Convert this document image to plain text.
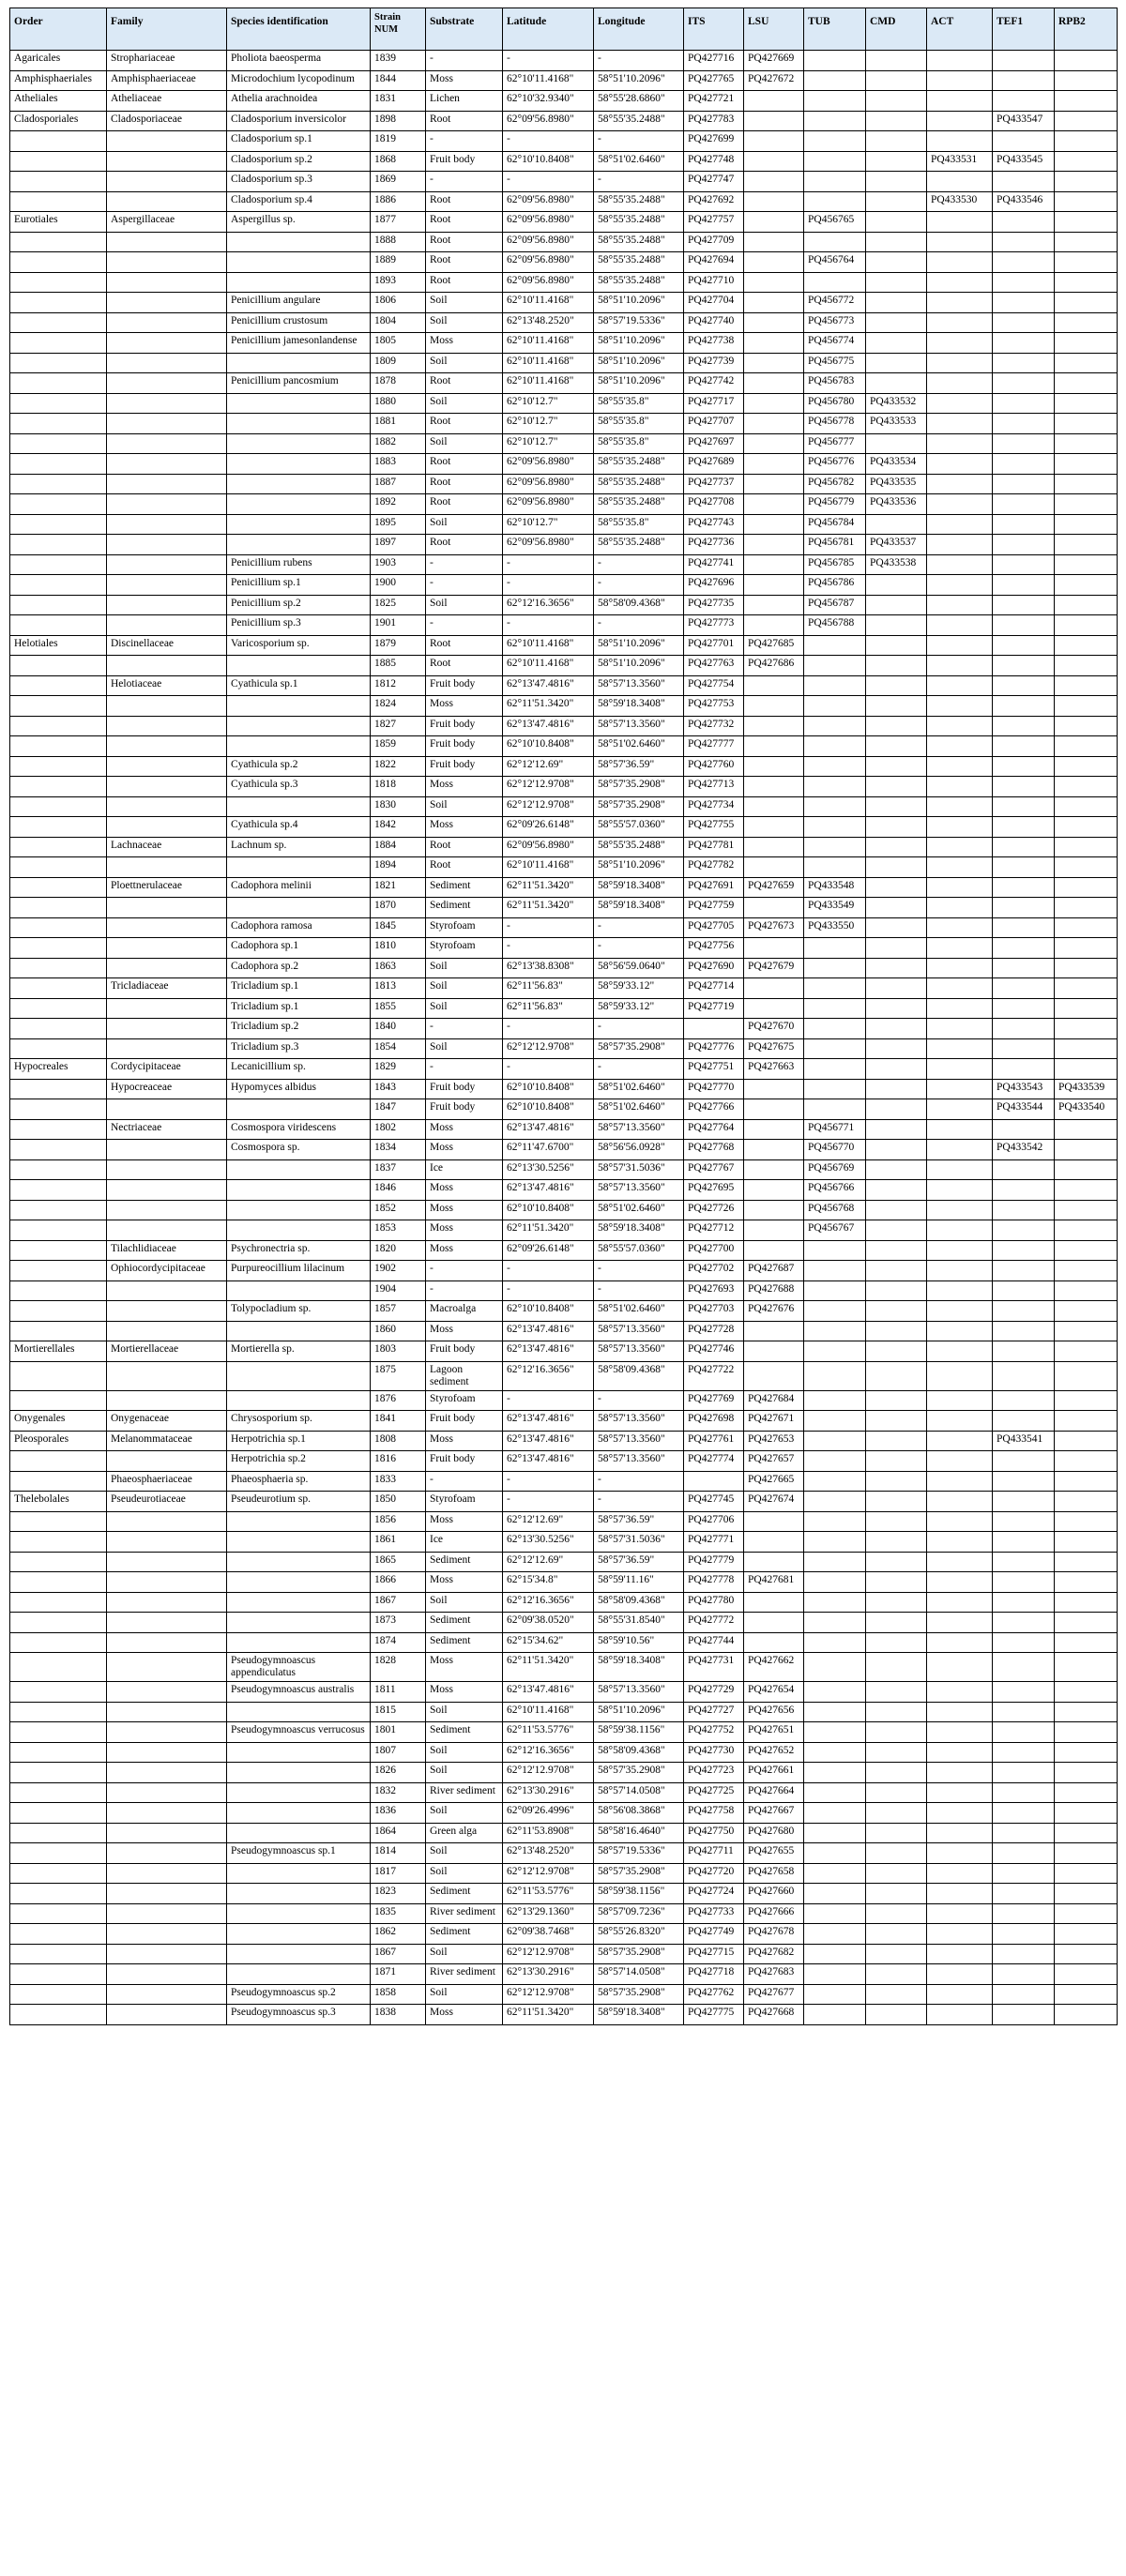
Order	Family	Species identification	Strain NUM	Substrate	Latitude	Longitude	ITS	LSU	TUB	CMD	ACT	TEF1	RPB2
Agaricales	Strophariaceae	Pholiota baeosperma	1839	-	-	-	PQ427716	PQ427669					
Amphisphaeriales	Amphisphaeriaceae	Microdochium lycopodinum	1844	Moss	62°10'11.4168"	58°51'10.2096"	PQ427765	PQ427672					
Atheliales	Atheliaceae	Athelia arachnoidea	1831	Lichen	62°10'32.9340"	58°55'28.6860"	PQ427721						
Cladosporiales	Cladosporiaceae	Cladosporium inversicolor	1898	Root	62°09'56.8980"	58°55'35.2488"	PQ427783					PQ433547	
		Cladosporium sp.1	1819	-	-	-	PQ427699						
		Cladosporium sp.2	1868	Fruit body	62°10'10.8408"	58°51'02.6460"	PQ427748				PQ433531	PQ433545	
		Cladosporium sp.3	1869	-	-	-	PQ427747						
		Cladosporium sp.4	1886	Root	62°09'56.8980"	58°55'35.2488"	PQ427692				PQ433530	PQ433546	
Eurotiales	Aspergillaceae	Aspergillus sp.	1877	Root	62°09'56.8980"	58°55'35.2488"	PQ427757		PQ456765				
			1888	Root	62°09'56.8980"	58°55'35.2488"	PQ427709						
			1889	Root	62°09'56.8980"	58°55'35.2488"	PQ427694		PQ456764				
			1893	Root	62°09'56.8980"	58°55'35.2488"	PQ427710						
		Penicillium angulare	1806	Soil	62°10'11.4168"	58°51'10.2096"	PQ427704		PQ456772				
		Penicillium crustosum	1804	Soil	62°13'48.2520"	58°57'19.5336"	PQ427740		PQ456773				
		Penicillium jamesonlandense	1805	Moss	62°10'11.4168"	58°51'10.2096"	PQ427738		PQ456774				
			1809	Soil	62°10'11.4168"	58°51'10.2096"	PQ427739		PQ456775				
		Penicillium pancosmium	1878	Root	62°10'11.4168"	58°51'10.2096"	PQ427742		PQ456783				
			1880	Soil	62°10'12.7"	58°55'35.8"	PQ427717		PQ456780	PQ433532			
			1881	Root	62°10'12.7"	58°55'35.8"	PQ427707		PQ456778	PQ433533			
			1882	Soil	62°10'12.7"	58°55'35.8"	PQ427697		PQ456777				
			1883	Root	62°09'56.8980"	58°55'35.2488"	PQ427689		PQ456776	PQ433534			
			1887	Root	62°09'56.8980"	58°55'35.2488"	PQ427737		PQ456782	PQ433535			
			1892	Root	62°09'56.8980"	58°55'35.2488"	PQ427708		PQ456779	PQ433536			
			1895	Soil	62°10'12.7"	58°55'35.8"	PQ427743		PQ456784				
			1897	Root	62°09'56.8980"	58°55'35.2488"	PQ427736		PQ456781	PQ433537			
		Penicillium rubens	1903	-	-	-	PQ427741		PQ456785	PQ433538			
		Penicillium sp.1	1900	-	-	-	PQ427696		PQ456786				
		Penicillium sp.2	1825	Soil	62°12'16.3656"	58°58'09.4368"	PQ427735		PQ456787				
		Penicillium sp.3	1901	-	-	-	PQ427773		PQ456788				
Helotiales	Discinellaceae	Varicosporium sp.	1879	Root	62°10'11.4168"	58°51'10.2096"	PQ427701	PQ427685					
			1885	Root	62°10'11.4168"	58°51'10.2096"	PQ427763	PQ427686					
	Helotiaceae	Cyathicula sp.1	1812	Fruit body	62°13'47.4816"	58°57'13.3560"	PQ427754						
			1824	Moss	62°11'51.3420"	58°59'18.3408"	PQ427753						
			1827	Fruit body	62°13'47.4816"	58°57'13.3560"	PQ427732						
			1859	Fruit body	62°10'10.8408"	58°51'02.6460"	PQ427777						
		Cyathicula sp.2	1822	Fruit body	62°12'12.69"	58°57'36.59"	PQ427760						
		Cyathicula sp.3	1818	Moss	62°12'12.9708"	58°57'35.2908"	PQ427713						
			1830	Soil	62°12'12.9708"	58°57'35.2908"	PQ427734						
		Cyathicula sp.4	1842	Moss	62°09'26.6148"	58°55'57.0360"	PQ427755						
	Lachnaceae	Lachnum sp.	1884	Root	62°09'56.8980"	58°55'35.2488"	PQ427781						
			1894	Root	62°10'11.4168"	58°51'10.2096"	PQ427782						
	Ploettnerulaceae	Cadophora melinii	1821	Sediment	62°11'51.3420"	58°59'18.3408"	PQ427691	PQ427659	PQ433548				
			1870	Sediment	62°11'51.3420"	58°59'18.3408"	PQ427759		PQ433549				
		Cadophora ramosa	1845	Styrofoam	-	-	PQ427705	PQ427673	PQ433550				
		Cadophora sp.1	1810	Styrofoam	-	-	PQ427756						
		Cadophora sp.2	1863	Soil	62°13'38.8308"	58°56'59.0640"	PQ427690	PQ427679					
	Tricladiaceae	Tricladium sp.1	1813	Soil	62°11'56.83"	58°59'33.12"	PQ427714						
		Tricladium sp.1	1855	Soil	62°11'56.83"	58°59'33.12"	PQ427719						
		Tricladium sp.2	1840	-	-	-		PQ427670					
		Tricladium sp.3	1854	Soil	62°12'12.9708"	58°57'35.2908"	PQ427776	PQ427675					
Hypocreales	Cordycipitaceae	Lecanicillium sp.	1829	-	-	-	PQ427751	PQ427663					
	Hypocreaceae	Hypomyces albidus	1843	Fruit body	62°10'10.8408"	58°51'02.6460"	PQ427770					PQ433543	PQ433539
			1847	Fruit body	62°10'10.8408"	58°51'02.6460"	PQ427766					PQ433544	PQ433540
	Nectriaceae	Cosmospora viridescens	1802	Moss	62°13'47.4816"	58°57'13.3560"	PQ427764		PQ456771				
		Cosmospora sp.	1834	Moss	62°11'47.6700"	58°56'56.0928"	PQ427768		PQ456770			PQ433542	
			1837	Ice	62°13'30.5256"	58°57'31.5036"	PQ427767		PQ456769				
			1846	Moss	62°13'47.4816"	58°57'13.3560"	PQ427695		PQ456766				
			1852	Moss	62°10'10.8408"	58°51'02.6460"	PQ427726		PQ456768				
			1853	Moss	62°11'51.3420"	58°59'18.3408"	PQ427712		PQ456767				
	Tilachlidiaceae	Psychronectria sp.	1820	Moss	62°09'26.6148"	58°55'57.0360"	PQ427700						
	Ophiocordycipitaceae	Purpureocillium lilacinum	1902	-	-	-	PQ427702	PQ427687					
			1904	-	-	-	PQ427693	PQ427688					
		Tolypocladium sp.	1857	Macroalga	62°10'10.8408"	58°51'02.6460"	PQ427703	PQ427676					
			1860	Moss	62°13'47.4816"	58°57'13.3560"	PQ427728						
Mortierellales	Mortierellaceae	Mortierella sp.	1803	Fruit body	62°13'47.4816"	58°57'13.3560"	PQ427746						
			1875	Lagoon sediment	62°12'16.3656"	58°58'09.4368"	PQ427722						
			1876	Styrofoam	-	-	PQ427769	PQ427684					
Onygenales	Onygenaceae	Chrysosporium sp.	1841	Fruit body	62°13'47.4816"	58°57'13.3560"	PQ427698	PQ427671					
Pleosporales	Melanommataceae	Herpotrichia sp.1	1808	Moss	62°13'47.4816"	58°57'13.3560"	PQ427761	PQ427653				PQ433541	
		Herpotrichia sp.2	1816	Fruit body	62°13'47.4816"	58°57'13.3560"	PQ427774	PQ427657					
	Phaeosphaeriaceae	Phaeosphaeria sp.	1833	-	-	-		PQ427665					
Thelebolales	Pseudeurotiaceae	Pseudeurotium sp.	1850	Styrofoam	-	-	PQ427745	PQ427674					
			1856	Moss	62°12'12.69"	58°57'36.59"	PQ427706						
			1861	Ice	62°13'30.5256"	58°57'31.5036"	PQ427771						
			1865	Sediment	62°12'12.69"	58°57'36.59"	PQ427779						
			1866	Moss	62°15'34.8"	58°59'11.16"	PQ427778	PQ427681					
			1867	Soil	62°12'16.3656"	58°58'09.4368"	PQ427780						
			1873	Sediment	62°09'38.0520"	58°55'31.8540"	PQ427772						
			1874	Sediment	62°15'34.62"	58°59'10.56"	PQ427744						
		Pseudogymnoascus appendiculatus	1828	Moss	62°11'51.3420"	58°59'18.3408"	PQ427731	PQ427662					
		Pseudogymnoascus australis	1811	Moss	62°13'47.4816"	58°57'13.3560"	PQ427729	PQ427654					
			1815	Soil	62°10'11.4168"	58°51'10.2096"	PQ427727	PQ427656					
		Pseudogymnoascus verrucosus	1801	Sediment	62°11'53.5776"	58°59'38.1156"	PQ427752	PQ427651					
			1807	Soil	62°12'16.3656"	58°58'09.4368"	PQ427730	PQ427652					
			1826	Soil	62°12'12.9708"	58°57'35.2908"	PQ427723	PQ427661					
			1832	River sediment	62°13'30.2916"	58°57'14.0508"	PQ427725	PQ427664					
			1836	Soil	62°09'26.4996"	58°56'08.3868"	PQ427758	PQ427667					
			1864	Green alga	62°11'53.8908"	58°58'16.4640"	PQ427750	PQ427680					
		Pseudogymnoascus sp.1	1814	Soil	62°13'48.2520"	58°57'19.5336"	PQ427711	PQ427655					
			1817	Soil	62°12'12.9708"	58°57'35.2908"	PQ427720	PQ427658					
			1823	Sediment	62°11'53.5776"	58°59'38.1156"	PQ427724	PQ427660					
			1835	River sediment	62°13'29.1360"	58°57'09.7236"	PQ427733	PQ427666					
			1862	Sediment	62°09'38.7468"	58°55'26.8320"	PQ427749	PQ427678					
			1867	Soil	62°12'12.9708"	58°57'35.2908"	PQ427715	PQ427682					
			1871	River sediment	62°13'30.2916"	58°57'14.0508"	PQ427718	PQ427683					
		Pseudogymnoascus sp.2	1858	Soil	62°12'12.9708"	58°57'35.2908"	PQ427762	PQ427677					
		Pseudogymnoascus sp.3	1838	Moss	62°11'51.3420"	58°59'18.3408"	PQ427775	PQ427668					
